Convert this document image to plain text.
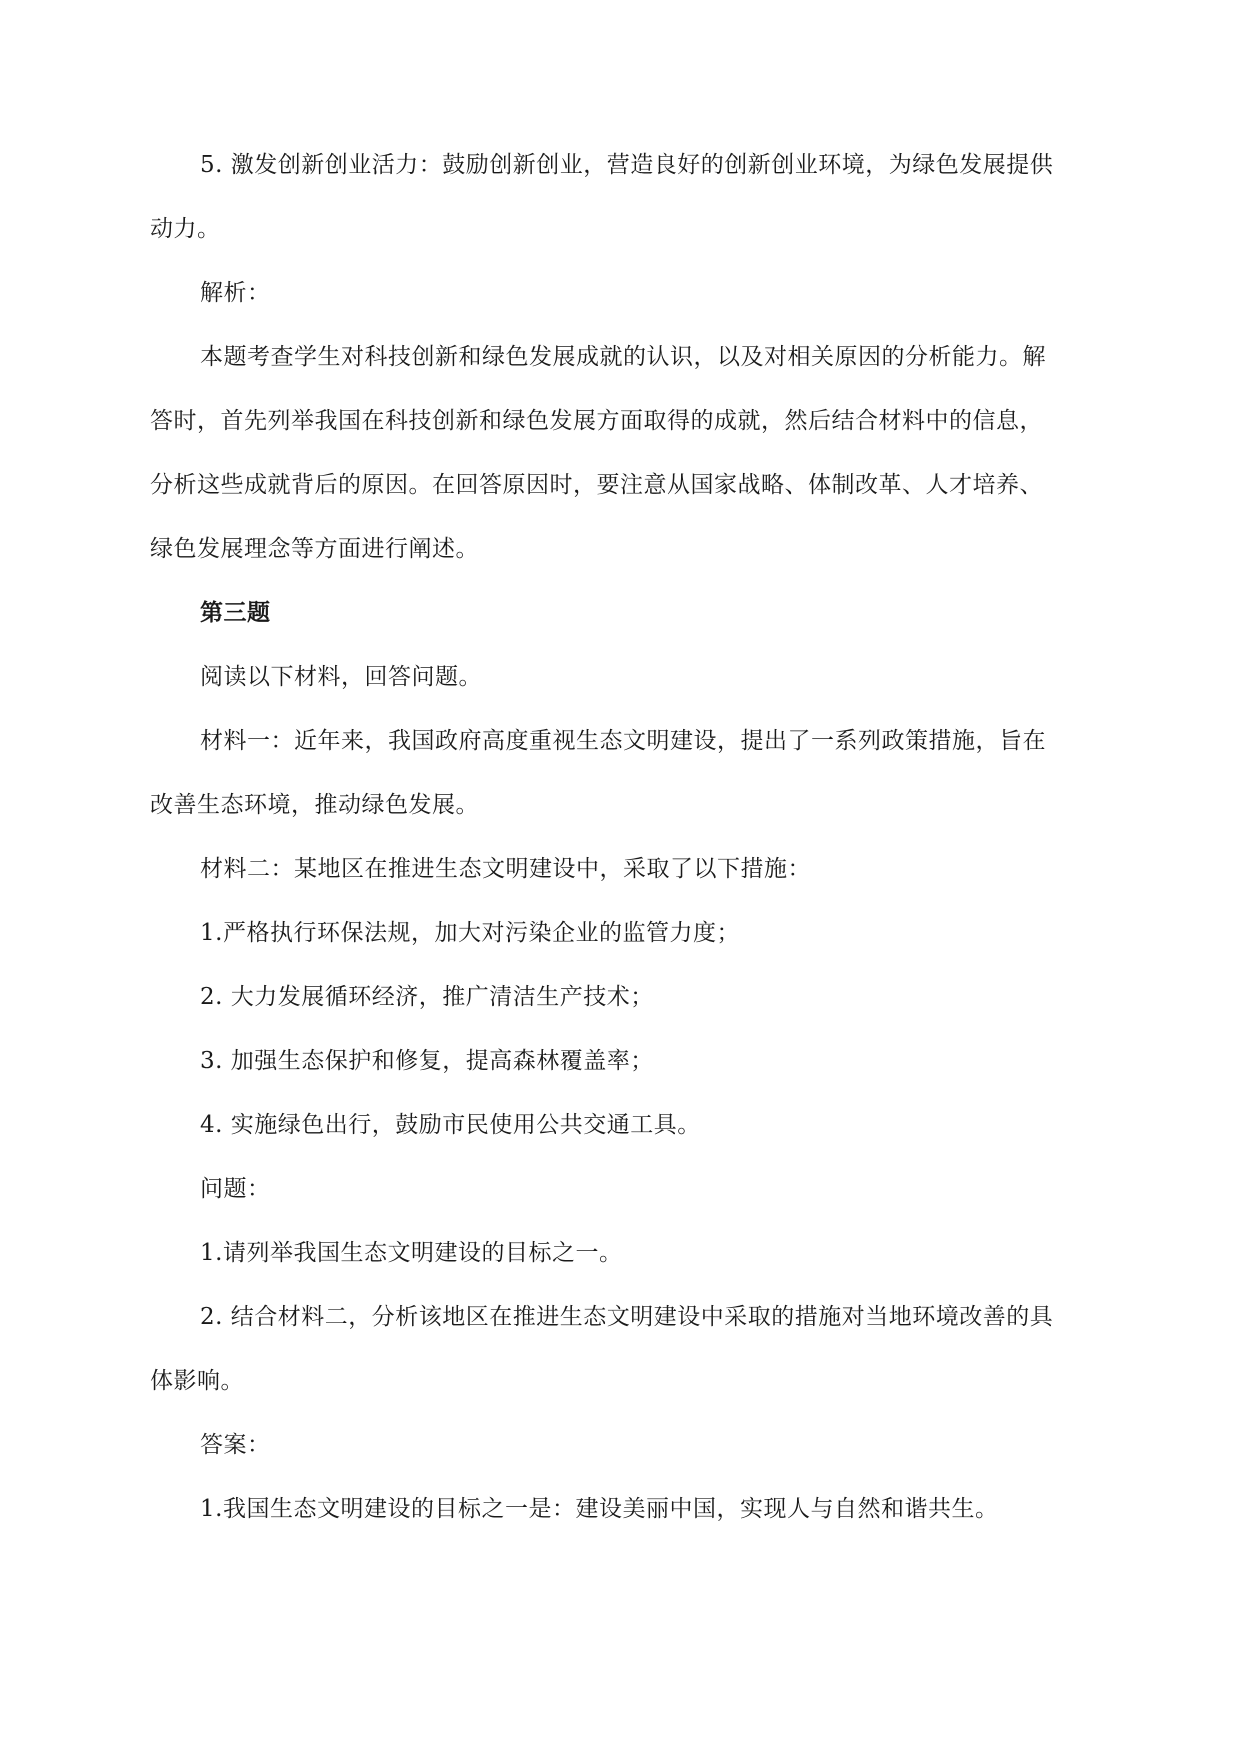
5. 激发创新创业活力：鼓励创新创业，营造良好的创新创业环境，为绿色发展提供

动力。

解析：

本题考查学生对科技创新和绿色发展成就的认识，以及对相关原因的分析能力。解

答时，首先列举我国在科技创新和绿色发展方面取得的成就，然后结合材料中的信息，

分析这些成就背后的原因。在回答原因时，要注意从国家战略、体制改革、人才培养、

绿色发展理念等方面进行阐述。

第三题

阅读以下材料，回答问题。

材料一：近年来，我国政府高度重视生态文明建设，提出了一系列政策措施，旨在

改善生态环境，推动绿色发展。

材料二：某地区在推进生态文明建设中，采取了以下措施：

1.严格执行环保法规，加大对污染企业的监管力度；

2. 大力发展循环经济，推广清洁生产技术；

3. 加强生态保护和修复，提高森林覆盖率；

4. 实施绿色出行，鼓励市民使用公共交通工具。

问题：

1.请列举我国生态文明建设的目标之一。

2. 结合材料二，分析该地区在推进生态文明建设中采取的措施对当地环境改善的具

体影响。

答案：

1.我国生态文明建设的目标之一是：建设美丽中国，实现人与自然和谐共生。
